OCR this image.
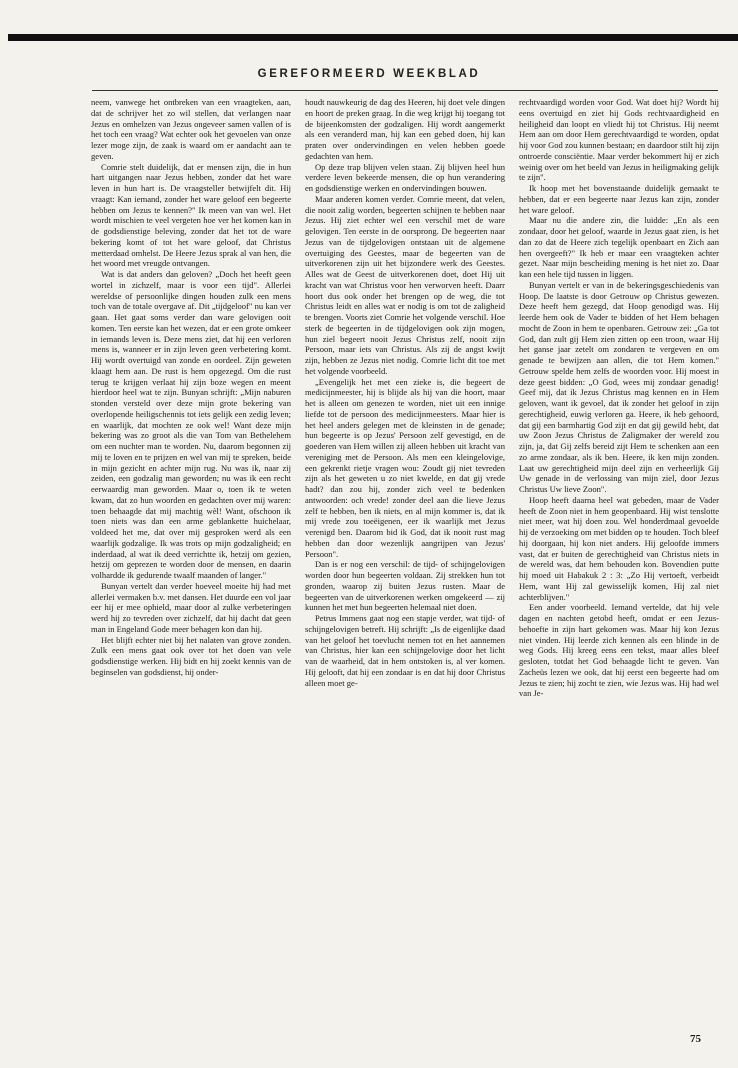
GEREFORMEERD WEEKBLAD

neem, vanwege het ontbreken van een vraagteken, aan, dat de schrijver het zo wil stellen, dat verlangen naar Jezus en omhelzen van Jezus ongeveer samen vallen of is het toch een vraag? Wat echter ook het gevoelen van onze lezer moge zijn, de zaak is waard om er aandacht aan te geven.

Comrie stelt duidelijk, dat er mensen zijn, die in hun hart uitgangen naar Jezus hebben, zonder dat het ware leven in hun hart is. De vraagsteller betwijfelt dit. Hij vraagt: Kan iemand, zonder het ware geloof een begeerte hebben om Jezus te kennen?" Ik meen van van wel. Het wordt mischien te veel vergeten hoe ver het komen kan in de godsdienstige beleving, zonder dat het tot de ware bekering komt of tot het ware geloof, dat Christus metterdaad omhelst. De Heere Jezus sprak al van hen, die het woord met vreugde ontvangen.

Wat is dat anders dan geloven? „Doch het heeft geen wortel in zichzelf, maar is voor een tijd". Allerlei wereldse of persoonlijke dingen houden zulk een mens toch van de totale overgave af. Dit „tijdgeloof" nu kan ver gaan. Het gaat soms verder dan ware gelovigen ooit komen. Ten eerste kan het wezen, dat er een grote omkeer in iemands leven is. Deze mens ziet, dat hij een verloren mens is, wanneer er in zijn leven geen verbetering komt. Hij wordt overtuigd van zonde en oordeel. Zijn geweten klaagt hem aan. De rust is hem opgezegd. Om die rust terug te krijgen verlaat hij zijn boze wegen en meent hierdoor heel wat te zijn. Bunyan schrijft: „Mijn naburen stonden versteld over deze mijn grote bekering van overlopende heiligschennis tot iets gelijk een zedig leven; en waarlijk, dat mochten ze ook wel! Want deze mijn bekering was zo groot als die van Tom van Bethelehem om een nuchter man te worden. Nu, daarom begonnen zij mij te loven en te prijzen en wel van mij te spreken, beide in mijn gezicht en achter mijn rug. Nu was ik, naar zij zeiden, een godzalig man geworden; nu was ik een recht eerwaardig man geworden. Maar o, toen ik te weten kwam, dat zo hun woorden en gedachten over mij waren: toen behaagde dat mij machtig wèl! Want, ofschoon ik toen niets was dan een arme geblankette huichelaar, voldeed het me, dat over mij gesproken werd als een waarlijk godzalige. Ik was trots op mijn godzaligheid; en inderdaad, al wat ik deed verrichtte ik, hetzij om gezien, hetzij om geprezen te worden door de mensen, en daarin volhardde ik gedurende twaalf maanden of langer."

Bunyan vertelt dan verder hoeveel moeite hij had met allerlei vermaken b.v. met dansen. Het duurde een vol jaar eer hij er mee ophield, maar door al zulke verbeteringen werd hij zo tevreden over zichzelf, dat hij dacht dat geen man in Engeland Gode meer behagen kon dan hij.

Het blijft echter niet bij het nalaten van grove zonden. Zulk een mens gaat ook over tot het doen van vele godsdienstige werken. Hij bidt en hij zoekt kennis van de beginselen van godsdienst, hij onder-

houdt nauwkeurig de dag des Heeren, hij doet vele dingen en hoort de preken graag. In die weg krijgt hij toegang tot de bijeenkomsten der godzaligen. Hij wordt aangemerkt als een veranderd man, hij kan een gebed doen, hij kan praten over ondervindingen en velen hebben goede gedachten van hem.

Op deze trap blijven velen staan. Zij blijven heel hun verdere leven bekeerde mensen, die op hun verandering en godsdienstige werken en ondervindingen bouwen.

Maar anderen komen verder. Comrie meent, dat velen, die nooit zalig worden, begeerten schijnen te hebben naar Jezus. Hij ziet echter wel een verschil met de ware gelovigen. Ten eerste in de oorsprong. De begeerten naar Jezus van de tijdgelovigen ontstaan uit de algemene overtuiging des Geestes, maar de begeerten van de uitverkorenen zijn uit het bijzondere werk des Geestes. Alles wat de Geest de uitverkorenen doet, doet Hij uit kracht van wat Christus voor hen verworven heeft. Daarr hoort dus ook onder het brengen op de weg, die tot Christus leidt en alles wat er nodig is om tot de zaligheid te brengen. Voorts ziet Comrie het volgende verschil. Hoe sterk de begeerten in de tijdgelovigen ook zijn mogen, hun ziel begeert nooit Jezus Christus zelf, nooit zijn Persoon, maar iets van Christus. Als zij de angst kwijt zijn, hebben ze Jezus niet nodig. Comrie licht dit toe met het volgende voorbeeld.

„Evengelijk het met een zieke is, die begeert de medicijnmeester, hij is blijde als hij van die hoort, maar het is alleen om genezen te worden, niet uit een innige liefde tot de persoon des medicijnmeesters. Maar hier is het heel anders gelegen met de kleinsten in de genade; hun begeerte is op Jezus' Persoon zelf gevestigd, en de goederen van Hem willen zij alleen hebben uit kracht van vereniging met de Persoon. Als men een kleingelovige, een gekrenkt rietje vragen wou: Zoudt gij niet tevreden zijn als het geweten u zo niet kwelde, en dat gij vrede hadt? dan zou hij, zonder zich veel te bedenken antwoorden: och vrede! zonder deel aan die lieve Jezus zelf te hebben, ben ik niets, en al mijn kommer is, dat ik mij vrede zou toeëigenen, eer ik waarlijk met Jezus verenigd ben. Daarom bid ik God, dat ik nooit rust mag hebben dan door wezenlijk aangrijpen van Jezus' Persoon".

Dan is er nog een verschil: de tijd- of schijngelovigen worden door hun begeerten voldaan. Zij strekken hun tot gronden, waarop zij buiten Jezus rusten. Maar de begeerten van de uitverkorenen werken omgekeerd — zij kunnen het met hun begeerten helemaal niet doen.

Petrus Immens gaat nog een stapje verder, wat tijd- of schijngelovigen betreft. Hij schrijft: „Is de eigenlijke daad van het geloof het toevlucht nemen tot en het aannemen van Christus, hier kan een schijngelovige door het licht van de waarheid, dat in hem ontstoken is, al ver komen. Hij gelooft, dat hij een zondaar is en dat hij door Christus alleen moet ge-

rechtvaardigd worden voor God. Wat doet hij? Wordt hij eens overtuigd en ziet hij Gods rechtvaardigheid en heiligheid dan loopt en vliedt hij tot Christus. Hij neemt Hem aan om door Hem gerechtvaardigd te worden, opdat hij voor God zou kunnen bestaan; en daardoor stilt hij zijn ontroerde consciëntie. Maar verder bekommert hij er zich weinig over om het beeld van Jezus in heiligmaking gelijk te zijn".

Ik hoop met het bovenstaande duidelijk gemaakt te hebben, dat er een begeerte naar Jezus kan zijn, zonder het ware geloof.

Maar nu die andere zin, die luidde: „En als een zondaar, door het geloof, waarde in Jezus gaat zien, is het dan zo dat de Heere zich tegelijk openbaart en Zich aan hen overgeeft?" Ik heb er maar een vraagteken achter gezet. Naar mijn bescheiding mening is het niet zo. Daar kan een hele tijd tussen in liggen.

Bunyan vertelt er van in de bekeringsgeschiedenis van Hoop. De laatste is door Getrouw op Christus gewezen. Deze heeft hem gezegd, dat Hoop genodigd was. Hij leerde hem ook de Vader te bidden of het Hem behagen mocht de Zoon in hem te openbaren. Getrouw zei: „Ga tot God, dan zult gij Hem zien zitten op een troon, waar Hij het ganse jaar zetelt om zondaren te vergeven en om genade te bewijzen aan allen, die tot Hem komen." Getrouw spelde hem zelfs de woorden voor. Hij moest in deze geest bidden: „O God, wees mij zondaar genadig! Geef mij, dat ik Jezus Christus mag kennen en in Hem geloven, want ik gevoel, dat ik zonder het geloof in zijn gerechtigheid, euwig verloren ga. Heere, ik heb gehoord, dat gij een barmhartig God zijt en dat gij gewild hebt, dat uw Zoon Jezus Christus de Zaligmaker der wereld zou zijn, ja, dat Gij zelfs bereid zijt Hem te schenken aan een zo arme zondaar, als ik ben. Heere, ik ken mijn zonden. Laat uw gerechtigheid mijn deel zijn en verheerlijk Gij Uw genade in de verlossing van mijn ziel, door Jezus Christus Uw lieve Zoon".

Hoop heeft daarna heel wat gebeden, maar de Vader heeft de Zoon niet in hem geopenbaard. Hij wist tenslotte niet meer, wat hij doen zou. Wel honderdmaal gevoelde hij de verzoeking om met bidden op te houden. Toch bleef hij doorgaan, hij kon niet anders. Hij geloofde immers vast, dat er buiten de gerechtigheid van Christus niets in de wereld was, dat hem behouden kon. Bovendien putte hij moed uit Habakuk 2 : 3: „Zo Hij vertoeft, verbeidt Hem, want Hij zal gewisselijk komen, Hij zal niet achterblijven."

Een ander voorbeeld. Iemand vertelde, dat hij vele dagen en nachten getobd heeft, omdat er een Jezus-behoefte in zijn hart gekomen was. Maar hij kon Jezus niet vinden. Hij leerde zich kennen als een blinde in de weg Gods. Hij kreeg eens een tekst, maar alles bleef gesloten, totdat het God behaagde licht te geven. Van Zacheüs lezen we ook, dat hij eerst een begeerte had om Jezus te zien; hij zocht te zien, wie Jezus was. Hij had wel van Je-

75
